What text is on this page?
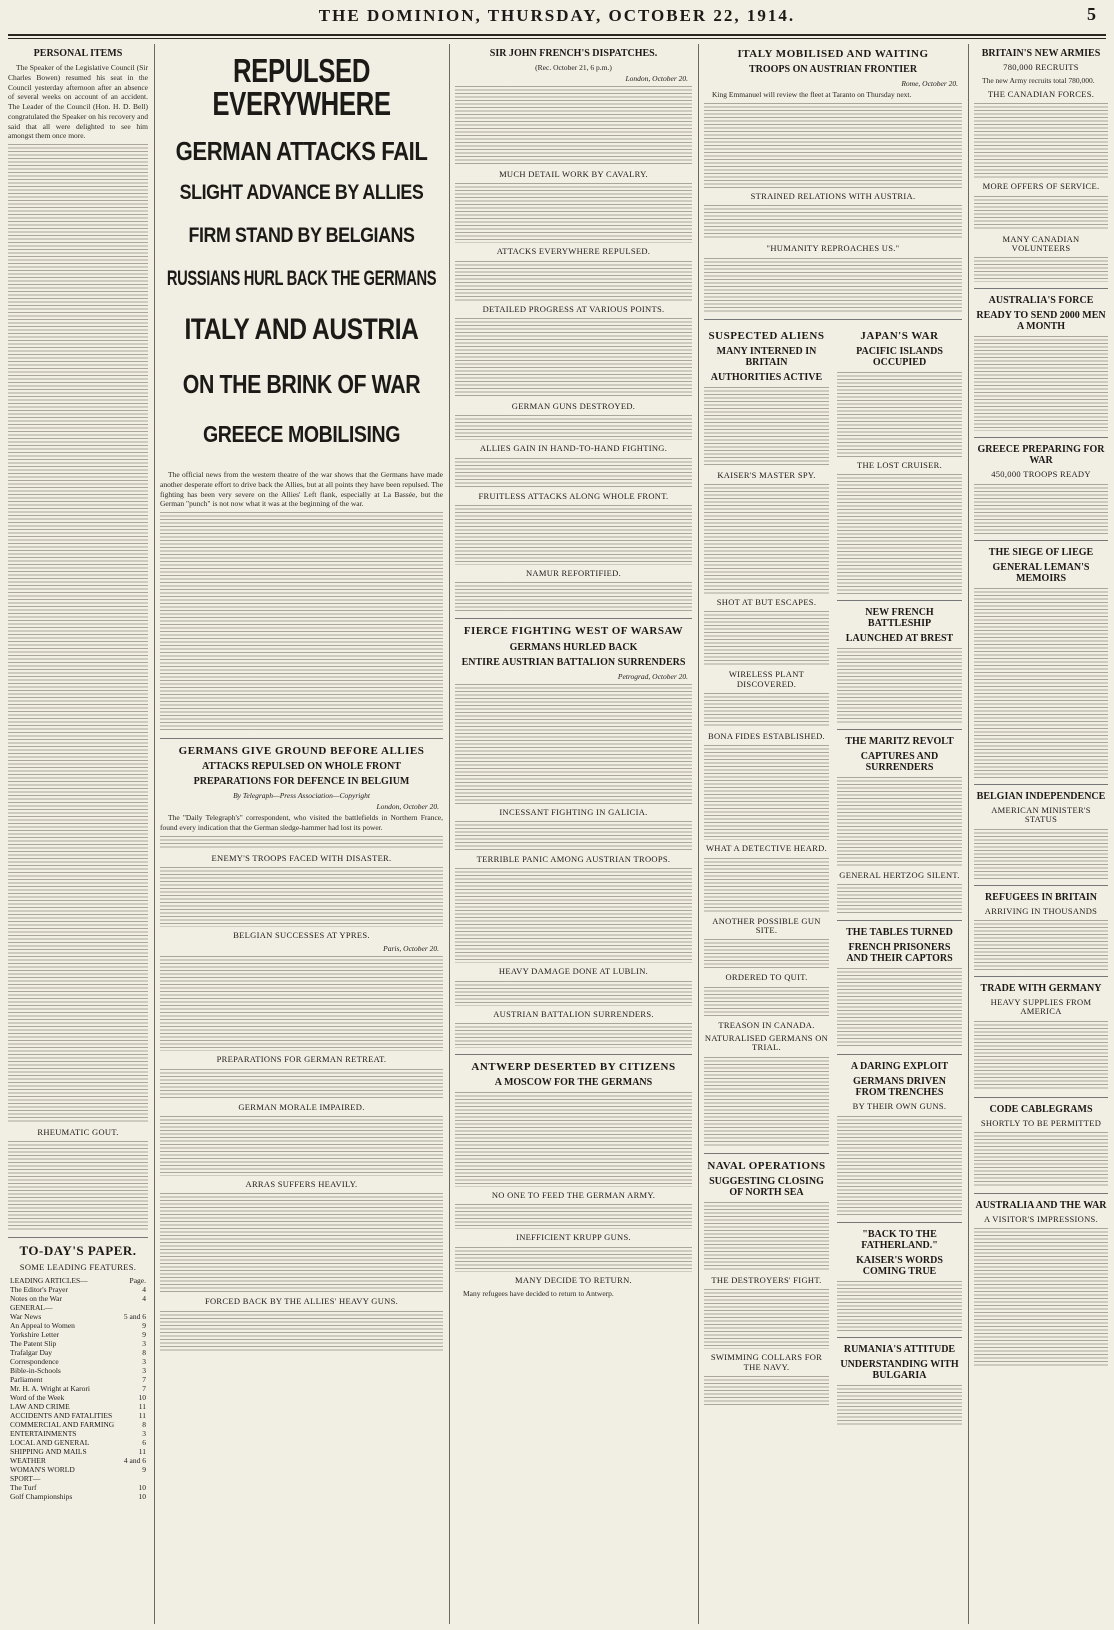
THE DOMINION, THURSDAY, OCTOBER 22, 1914.	5
PERSONAL ITEMS
The Speaker of the Legislative Council (Sir Charles Bowen) resumed his seat in the Council yesterday afternoon after an absence of several weeks on account of an accident. The Leader of the Council (Hon. H. D. Bell) congratulated the Speaker on his recovery and said that all were delighted to see him amongst them once more.
RHEUMATIC GOUT.
TO-DAY'S PAPER.
SOME LEADING FEATURES.
LEADING ARTICLES—	Page.
The Editor's Prayer	4
Notes on the War	4
GENERAL—	
War News	5 and 6
An Appeal to Women	9
Yorkshire Letter	9
The Patent Slip	3
Trafalgar Day	8
Correspondence	3
Bible-in-Schools	3
Parliament	7
Mr. H. A. Wright at Karori	7
Word of the Week	10
LAW AND CRIME	11
ACCIDENTS AND FATALITIES	11
COMMERCIAL AND FARMING	8
ENTERTAINMENTS	3
LOCAL AND GENERAL	6
SHIPPING AND MAILS	11
WEATHER	4 and 6
WOMAN'S WORLD	9
SPORT—	
The Turf	10
Golf Championships	10
REPULSED EVERYWHERE
GERMAN ATTACKS FAIL
SLIGHT ADVANCE BY ALLIES
FIRM STAND BY BELGIANS
RUSSIANS HURL BACK THE GERMANS
ITALY AND AUSTRIA
ON THE BRINK OF WAR
GREECE MOBILISING
The official news from the western theatre of the war shows that the Germans have made another desperate effort to drive back the Allies, but at all points they have been repulsed. The fighting has been very severe on the Allies' Left flank, especially at La Bassée, but the German "punch" is not now what it was at the beginning of the war.
GERMANS GIVE GROUND BEFORE ALLIES
ATTACKS REPULSED ON WHOLE FRONT
PREPARATIONS FOR DEFENCE IN BELGIUM
By Telegraph—Press Association—Copyright
London, October 20.
The "Daily Telegraph's" correspondent, who visited the battlefields in Northern France, found every indication that the German sledge-hammer had lost its power.
ENEMY'S TROOPS FACED WITH DISASTER.
BELGIAN SUCCESSES AT YPRES.
Paris, October 20.
PREPARATIONS FOR GERMAN RETREAT.
GERMAN MORALE IMPAIRED.
ARRAS SUFFERS HEAVILY.
FORCED BACK BY THE ALLIES' HEAVY GUNS.
SIR JOHN FRENCH'S DISPATCHES.
(Rec. October 21, 6 p.m.)
London, October 20.
MUCH DETAIL WORK BY CAVALRY.
ATTACKS EVERYWHERE REPULSED.
DETAILED PROGRESS AT VARIOUS POINTS.
GERMAN GUNS DESTROYED.
ALLIES GAIN IN HAND-TO-HAND FIGHTING.
FRUITLESS ATTACKS ALONG WHOLE FRONT.
NAMUR REFORTIFIED.
FIERCE FIGHTING WEST OF WARSAW
GERMANS HURLED BACK
ENTIRE AUSTRIAN BATTALION SURRENDERS
Petrograd, October 20.
INCESSANT FIGHTING IN GALICIA.
TERRIBLE PANIC AMONG AUSTRIAN TROOPS.
HEAVY DAMAGE DONE AT LUBLIN.
AUSTRIAN BATTALION SURRENDERS.
ANTWERP DESERTED BY CITIZENS
A MOSCOW FOR THE GERMANS
NO ONE TO FEED THE GERMAN ARMY.
INEFFICIENT KRUPP GUNS.
MANY DECIDE TO RETURN.
Many refugees have decided to return to Antwerp.
ITALY MOBILISED AND WAITING
TROOPS ON AUSTRIAN FRONTIER
Rome, October 20.
King Emmanuel will review the fleet at Taranto on Thursday next.
STRAINED RELATIONS WITH AUSTRIA.
"HUMANITY REPROACHES US."
SUSPECTED ALIENS
MANY INTERNED IN BRITAIN
AUTHORITIES ACTIVE
KAISER'S MASTER SPY.
SHOT AT BUT ESCAPES.
WIRELESS PLANT DISCOVERED.
BONA FIDES ESTABLISHED.
WHAT A DETECTIVE HEARD.
ANOTHER POSSIBLE GUN SITE.
ORDERED TO QUIT.
TREASON IN CANADA.
NATURALISED GERMANS ON TRIAL.
NAVAL OPERATIONS
SUGGESTING CLOSING OF NORTH SEA
THE DESTROYERS' FIGHT.
SWIMMING COLLARS FOR THE NAVY.
JAPAN'S WAR
PACIFIC ISLANDS OCCUPIED
THE LOST CRUISER.
NEW FRENCH BATTLESHIP
LAUNCHED AT BREST
THE MARITZ REVOLT
CAPTURES AND SURRENDERS
GENERAL HERTZOG SILENT.
THE TABLES TURNED
FRENCH PRISONERS AND THEIR CAPTORS
A DARING EXPLOIT
GERMANS DRIVEN FROM TRENCHES
BY THEIR OWN GUNS.
"BACK TO THE FATHERLAND."
KAISER'S WORDS COMING TRUE
RUMANIA'S ATTITUDE
UNDERSTANDING WITH BULGARIA
BRITAIN'S NEW ARMIES
780,000 RECRUITS
The new Army recruits total 780,000.
THE CANADIAN FORCES.
MORE OFFERS OF SERVICE.
MANY CANADIAN VOLUNTEERS
AUSTRALIA'S FORCE
READY TO SEND 2000 MEN A MONTH
GREECE PREPARING FOR WAR
450,000 TROOPS READY
THE SIEGE OF LIEGE
GENERAL LEMAN'S MEMOIRS
BELGIAN INDEPENDENCE
AMERICAN MINISTER'S STATUS
REFUGEES IN BRITAIN
ARRIVING IN THOUSANDS
TRADE WITH GERMANY
HEAVY SUPPLIES FROM AMERICA
CODE CABLEGRAMS
SHORTLY TO BE PERMITTED
AUSTRALIA AND THE WAR
A VISITOR'S IMPRESSIONS.
